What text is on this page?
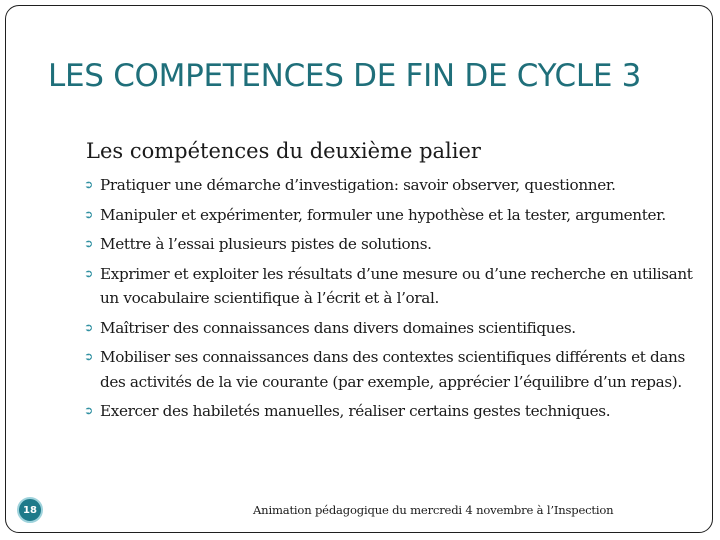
LES COMPETENCES DE FIN DE CYCLE 3
Les compétences du deuxième palier
➲ Pratiquer une démarche d’investigation: savoir observer, questionner.
➲ Manipuler et expérimenter, formuler une hypothèse et la tester, argumenter.
➲ Mettre à l’essai plusieurs pistes de solutions.
➲ Exprimer et exploiter les résultats d’une mesure ou d’une recherche en utilisant un vocabulaire scientifique à l’écrit et à l’oral.
➲ Maîtriser des connaissances dans divers domaines scientifiques.
➲ Mobiliser ses connaissances dans des contextes scientifiques différents et dans des activités de la vie courante (par exemple, apprécier l’équilibre d’un repas).
➲ Exercer des habiletés manuelles, réaliser certains gestes techniques.
18	Animation pédagogique du mercredi 4 novembre à l’Inspection
